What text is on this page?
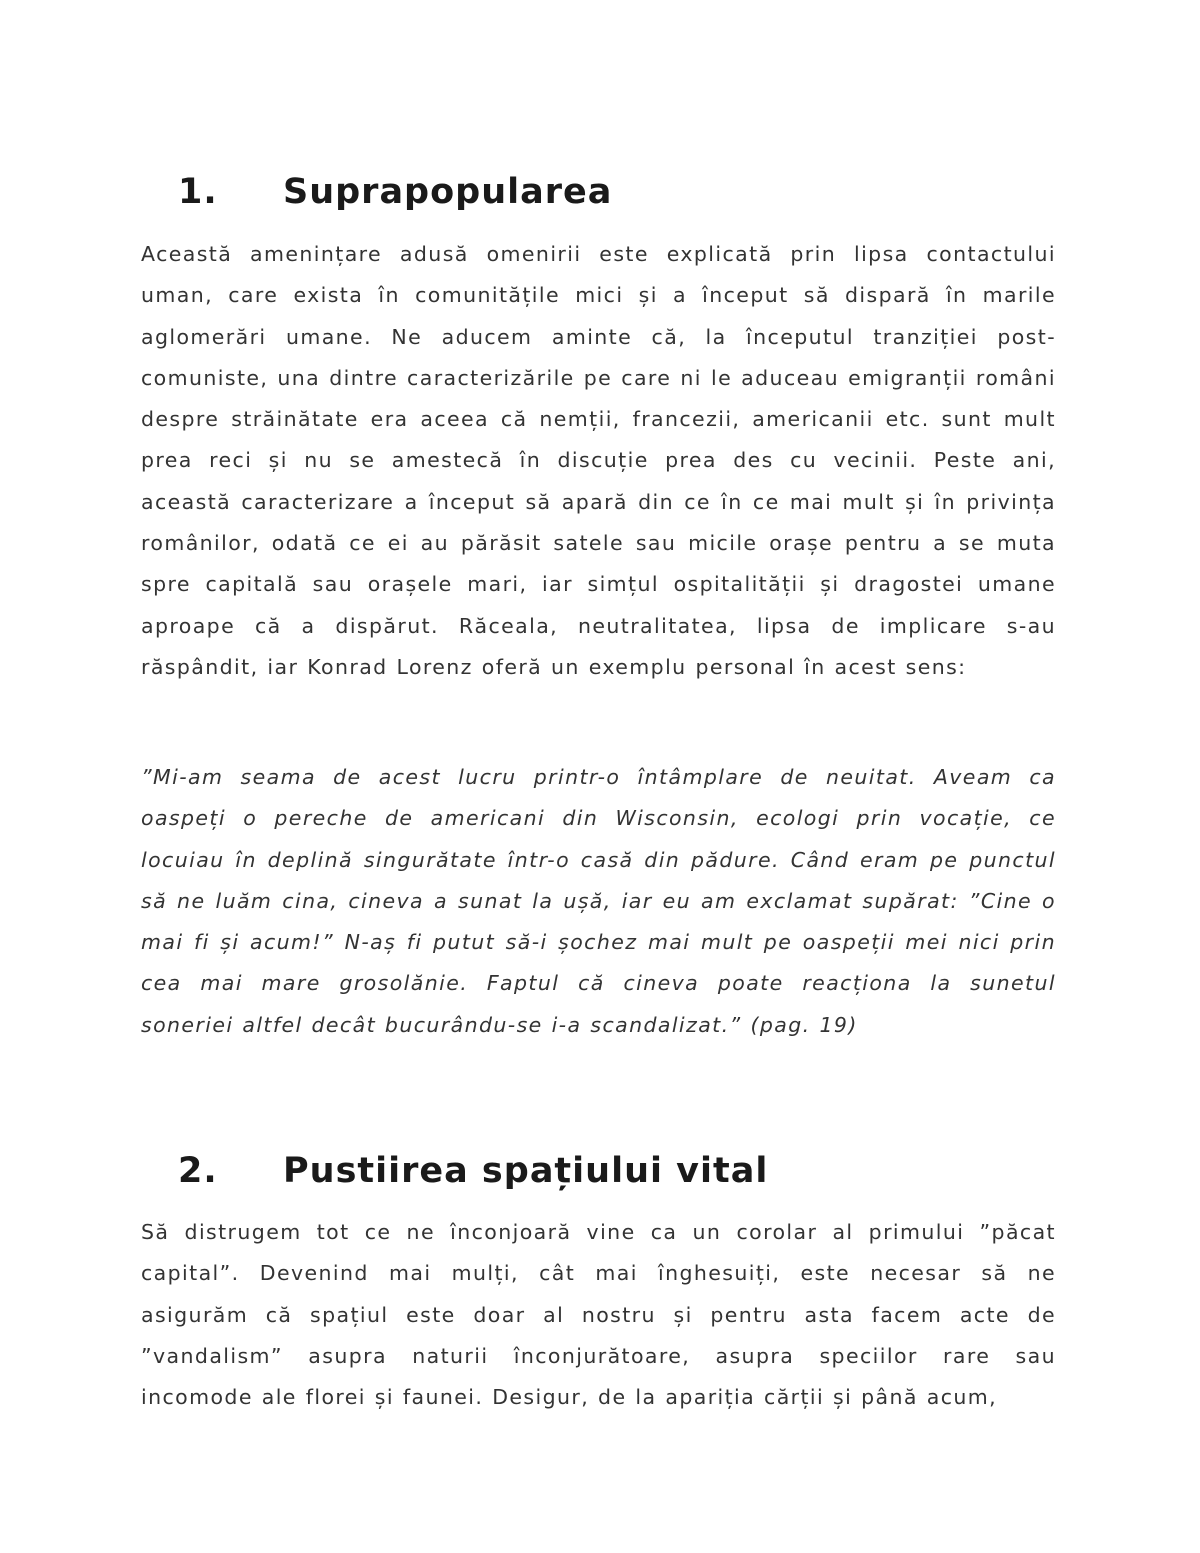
1. Suprapopularea

Această amenințare adusă omenirii este explicată prin lipsa contactului uman, care exista în comunitățile mici și a început să dispară în marile aglomerări umane. Ne aducem aminte că, la începutul tranziției post-comuniste, una dintre caracterizările pe care ni le aduceau emigranții români despre străinătate era aceea că nemții, francezii, americanii etc. sunt mult prea reci și nu se amestecă în discuție prea des cu vecinii. Peste ani, această caracterizare a început să apară din ce în ce mai mult și în privința românilor, odată ce ei au părăsit satele sau micile orașe pentru a se muta spre capitală sau orașele mari, iar simțul ospitalității și dragostei umane aproape că a dispărut. Răceala, neutralitatea, lipsa de implicare s-au răspândit, iar Konrad Lorenz oferă un exemplu personal în acest sens:

”Mi-am seama de acest lucru printr-o întâmplare de neuitat. Aveam ca oaspeți o pereche de americani din Wisconsin, ecologi prin vocație, ce locuiau în deplină singurătate într-o casă din pădure. Când eram pe punctul să ne luăm cina, cineva a sunat la ușă, iar eu am exclamat supărat: ”Cine o mai fi și acum!” N-aș fi putut să-i șochez mai mult pe oaspeții mei nici prin cea mai mare grosolănie. Faptul că cineva poate reacționa la sunetul soneriei altfel decât bucurându-se i-a scandalizat.” (pag. 19)

2. Pustiirea spațiului vital

Să distrugem tot ce ne înconjoară vine ca un corolar al primului ”păcat capital”. Devenind mai mulți, cât mai înghesuiți, este necesar să ne asigurăm că spațiul este doar al nostru și pentru asta facem acte de ”vandalism” asupra naturii înconjurătoare, asupra speciilor rare sau incomode ale florei și faunei. Desigur, de la apariția cărții și până acum,
